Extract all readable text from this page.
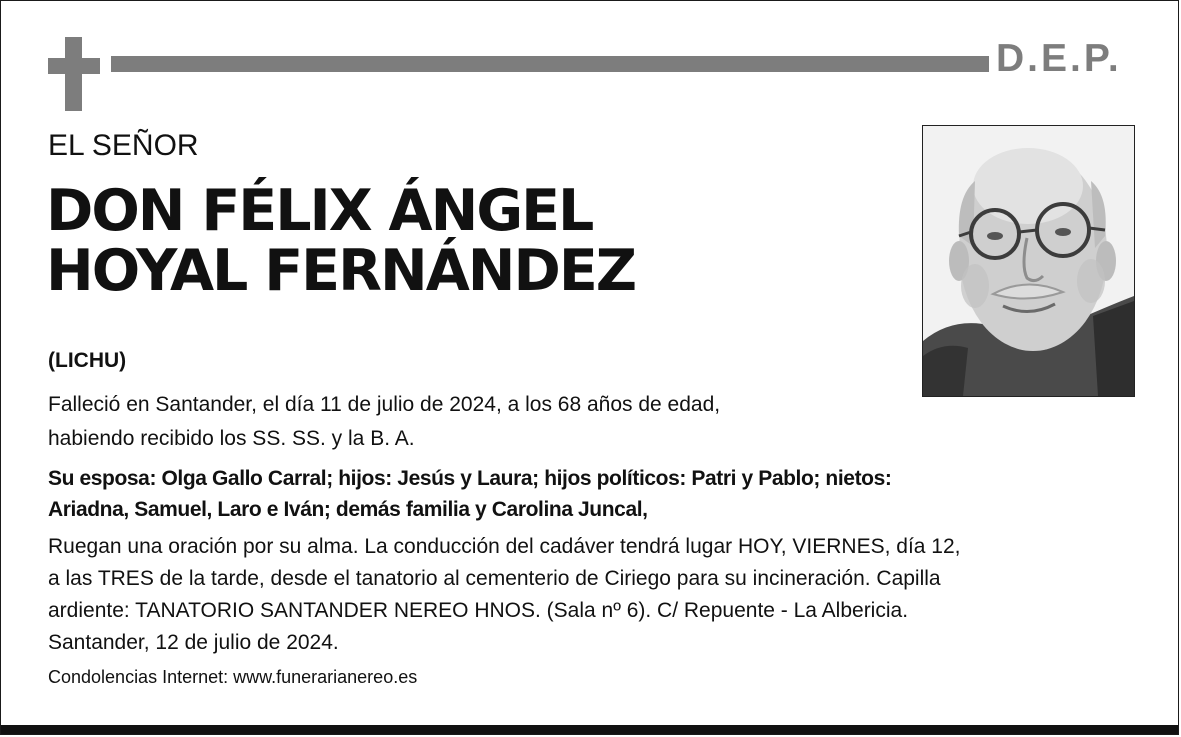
D.E.P.
EL SEÑOR
DON FÉLIX ÁNGEL
HOYAL FERNÁNDEZ
(LICHU)
Falleció en Santander, el día 11 de julio de 2024, a los 68 años de edad,
habiendo recibido los SS. SS. y la B. A.
Su esposa: Olga Gallo Carral; hijos: Jesús y Laura; hijos políticos: Patri y Pablo; nietos:
Ariadna, Samuel, Laro e Iván; demás familia y Carolina Juncal,
Ruegan una oración por su alma. La conducción del cadáver tendrá lugar HOY, VIERNES, día 12,
a las TRES de la tarde, desde el tanatorio al cementerio de Ciriego para su incineración. Capilla
ardiente: TANATORIO SANTANDER NEREO HNOS. (Sala nº 6). C/ Repuente - La Albericia.
Santander, 12 de julio de 2024.
Condolencias Internet: www.funerarianereo.es
